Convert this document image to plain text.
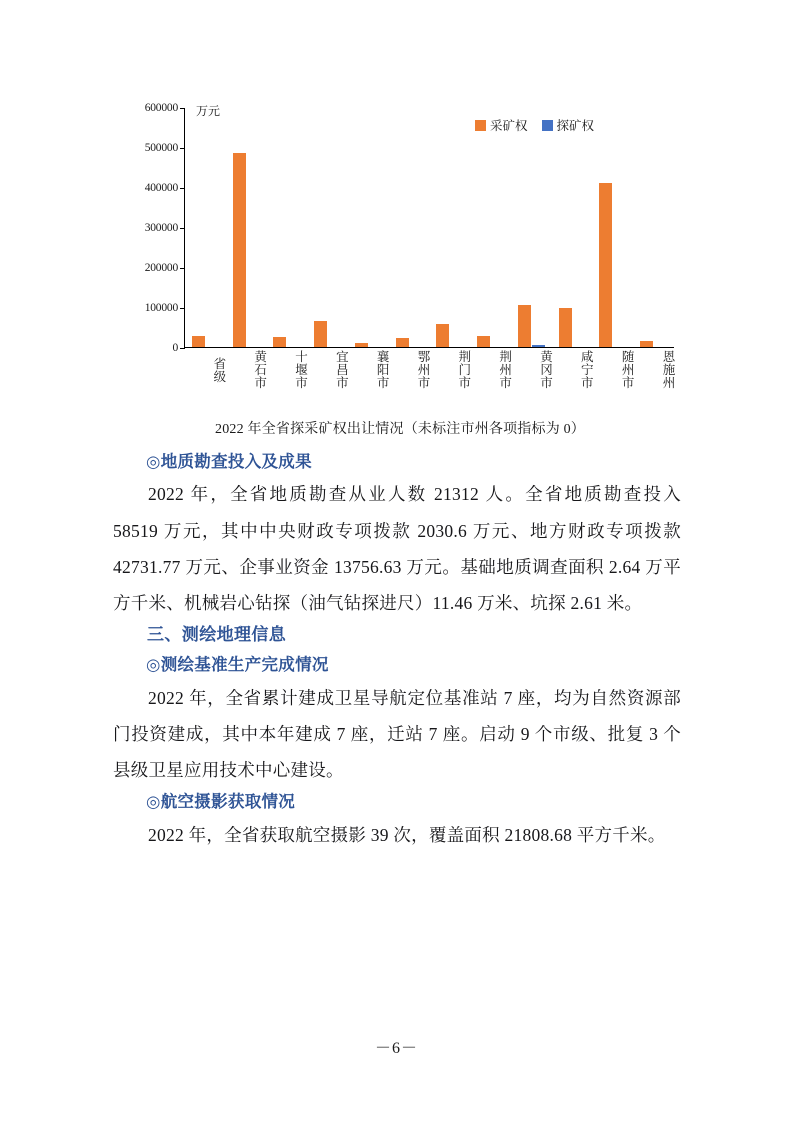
600000
500000
400000
300000
200000
100000
0
万元
采矿权 探矿权
省级	黄石市	十堰市	宜昌市	襄阳市	鄂州市	荆门市	荆州市	黄冈市	咸宁市	随州市	恩施州
2022 年全省探采矿权出让情况（未标注市州各项指标为 0）
◎地质勘查投入及成果

2022 年，全省地质勘查从业人数 21312 人。全省地质勘查投入 58519 万元，其中中央财政专项拨款 2030.6 万元、地方财政专项拨款 42731.77 万元、企事业资金 13756.63 万元。基础地质调查面积 2.64 万平方千米、机械岩心钻探（油气钻探进尺）11.46 万米、坑探 2.61 米。

三、测绘地理信息
◎测绘基准生产完成情况

2022 年，全省累计建成卫星导航定位基准站 7 座，均为自然资源部门投资建成，其中本年建成 7 座，迁站 7 座。启动 9 个市级、批复 3 个县级卫星应用技术中心建设。

◎航空摄影获取情况

2022 年，全省获取航空摄影 39 次，覆盖面积 21808.68 平方千米。

－6－
